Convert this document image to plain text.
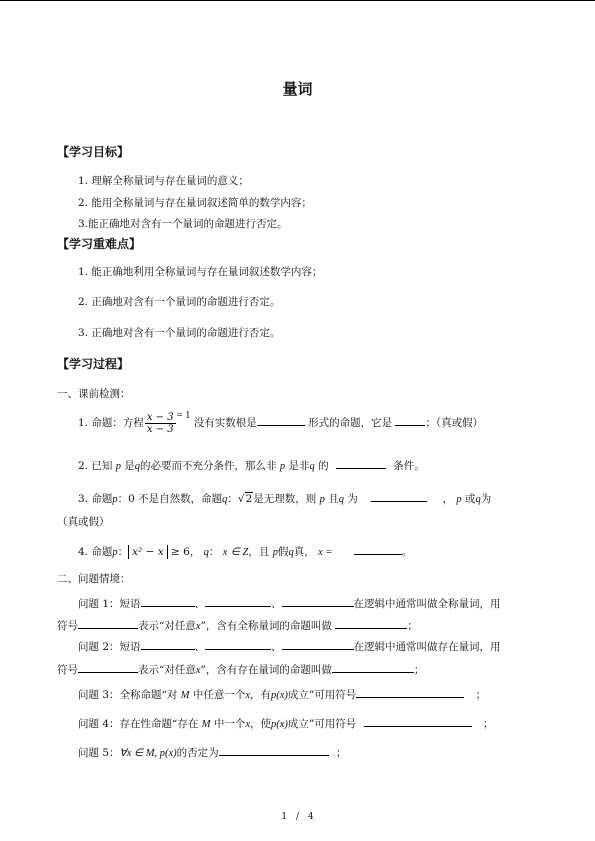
量词
【学习目标】
1. 理解全称量词与存在量词的意义；
2. 能用全称量词与存在量词叙述简单的数学内容；
3.能正确地对含有一个量词的命题进行否定。
【学习重难点】
1. 能正确地利用全称量词与存在量词叙述数学内容；
2. 正确地对含有一个量词的命题进行否定。
3. 正确地对含有一个量词的命题进行否定。
【学习过程】
一、课前检测：
1. 命题：方程 $\frac{x - 3}{x - 3} = 1$ 没有实数根是	形式的命题，它是	；（真或假）
2. 已知 p 是q的必要而不充分条件，那么非 p 是非q 的	条件。
3. 命题p：0 不是自然数，命题q：√2是无理数，则 p 且q 为	， p 或q为
（真或假）
4. 命题p： x² − x ≥ 6， q： x ∈ Z，且 p假q真， x =	。
二、问题情境：
问题 1：短语	、	、	在逻辑中通常叫做全称量词，用
符号	表示“对任意x”，含有全称量词的命题叫做	；
问题 2：短语	、	、	在逻辑中通常叫做存在量词，用
符号	表示“对任意x”，含有存在量词的命题叫做	；
问题 3：全称命题“对 M 中任意一个x，有p(x)成立”可用符号	；
问题 4：存在性命题“存在 M 中一个x，使p(x)成立”可用符号	；
问题 5：∀x ∈ M, p(x)的否定为	；
1 / 4
